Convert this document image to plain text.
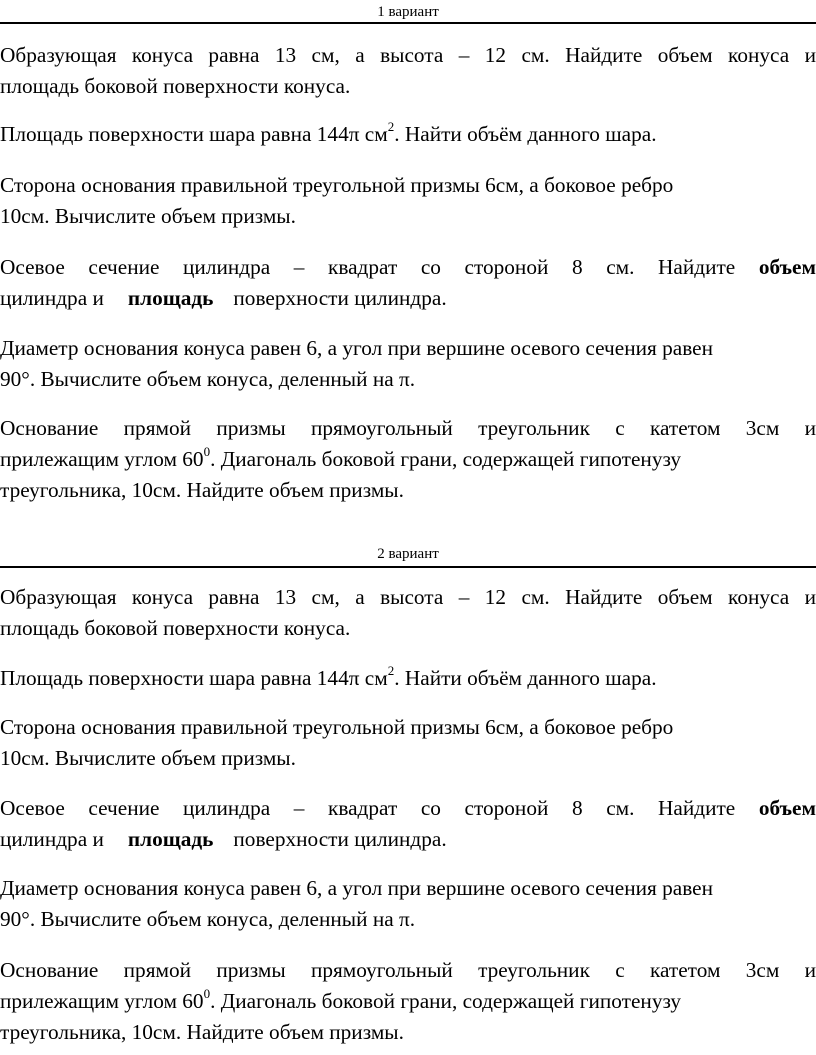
1 вариант
Образующая конуса равна 13 см, а высота – 12 см. Найдите объем конуса и
площадь боковой поверхности конуса.
Площадь поверхности шара равна 144π $см^2$. Найти объём данного шара.
Сторона основания правильной треугольной призмы 6см, а боковое ребро
10см. Вычислите объем призмы.
Осевое сечение цилиндра – квадрат со стороной 8 см. Найдите объем
цилиндра и площадь поверхности цилиндра.
Диаметр основания конуса равен 6, а угол при вершине осевого сечения равен
90°. Вычислите объем конуса, деленный на π.
Основание прямой призмы прямоугольный треугольник с катетом 3см и
прилежащим углом $60^0$. Диагональ боковой грани, содержащей гипотенузу
треугольника, 10см. Найдите объем призмы.
2 вариант
Образующая конуса равна 13 см, а высота – 12 см. Найдите объем конуса и
площадь боковой поверхности конуса.
Площадь поверхности шара равна 144π $см^2$. Найти объём данного шара.
Сторона основания правильной треугольной призмы 6см, а боковое ребро
10см. Вычислите объем призмы.
Осевое сечение цилиндра – квадрат со стороной 8 см. Найдите объем
цилиндра и площадь поверхности цилиндра.
Диаметр основания конуса равен 6, а угол при вершине осевого сечения равен
90°. Вычислите объем конуса, деленный на π.
Основание прямой призмы прямоугольный треугольник с катетом 3см и
прилежащим углом $60^0$. Диагональ боковой грани, содержащей гипотенузу
треугольника, 10см. Найдите объем призмы.
